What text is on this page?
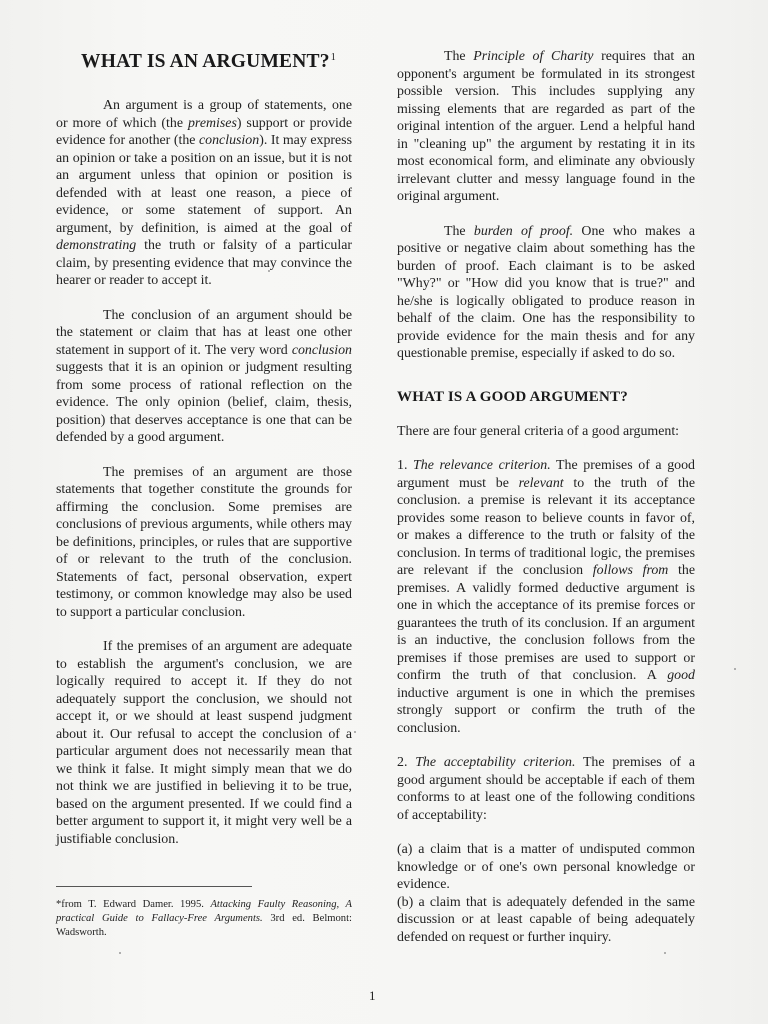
WHAT IS AN ARGUMENT?$^1$

An argument is a group of statements, one or more of which (the premises) support or provide evidence for another (the conclusion). It may express an opinion or take a position on an issue, but it is not an argument unless that opinion or position is defended with at least one reason, a piece of evidence, or some statement of support. An argument, by definition, is aimed at the goal of demonstrating the truth or falsity of a particular claim, by presenting evidence that may convince the hearer or reader to accept it.

The conclusion of an argument should be the statement or claim that has at least one other statement in support of it. The very word conclusion suggests that it is an opinion or judgment resulting from some process of rational reflection on the evidence. The only opinion (belief, claim, thesis, position) that deserves acceptance is one that can be defended by a good argument.

The premises of an argument are those statements that together constitute the grounds for affirming the conclusion. Some premises are conclusions of previous arguments, while others may be definitions, principles, or rules that are supportive of or relevant to the truth of the conclusion. Statements of fact, personal observation, expert testimony, or common knowledge may also be used to support a particular conclusion.

If the premises of an argument are adequate to establish the argument's conclusion, we are logically required to accept it. If they do not adequately support the conclusion, we should not accept it, or we should at least suspend judgment about it. Our refusal to accept the conclusion of a particular argument does not necessarily mean that we think it false. It might simply mean that we do not think we are justified in believing it to be true, based on the argument presented. If we could find a better argument to support it, it might very well be a justifiable conclusion.

*from T. Edward Damer. 1995. Attacking Faulty Reasoning, A practical Guide to Fallacy-Free Arguments. 3rd ed. Belmont: Wadsworth.

The Principle of Charity requires that an opponent's argument be formulated in its strongest possible version. This includes supplying any missing elements that are regarded as part of the original intention of the arguer. Lend a helpful hand in "cleaning up" the argument by restating it in its most economical form, and eliminate any obviously irrelevant clutter and messy language found in the original argument.

The burden of proof. One who makes a positive or negative claim about something has the burden of proof. Each claimant is to be asked "Why?" or "How did you know that is true?" and he/she is logically obligated to produce reason in behalf of the claim. One has the responsibility to provide evidence for the main thesis and for any questionable premise, especially if asked to do so.

WHAT IS A GOOD ARGUMENT?

There are four general criteria of a good argument:

1. The relevance criterion. The premises of a good argument must be relevant to the truth of the conclusion. a premise is relevant it its acceptance provides some reason to believe counts in favor of, or makes a difference to the truth or falsity of the conclusion. In terms of traditional logic, the premises are relevant if the conclusion follows from the premises. A validly formed deductive argument is one in which the acceptance of its premise forces or guarantees the truth of its conclusion. If an argument is an inductive, the conclusion follows from the premises if those premises are used to support or confirm the truth of that conclusion. A good inductive argument is one in which the premises strongly support or confirm the truth of the conclusion.

2. The acceptability criterion. The premises of a good argument should be acceptable if each of them conforms to at least one of the following conditions of acceptability:

(a) a claim that is a matter of undisputed common knowledge or of one's own personal knowledge or evidence.

(b) a claim that is adequately defended in the same discussion or at least capable of being adequately defended on request or further inquiry.

1
